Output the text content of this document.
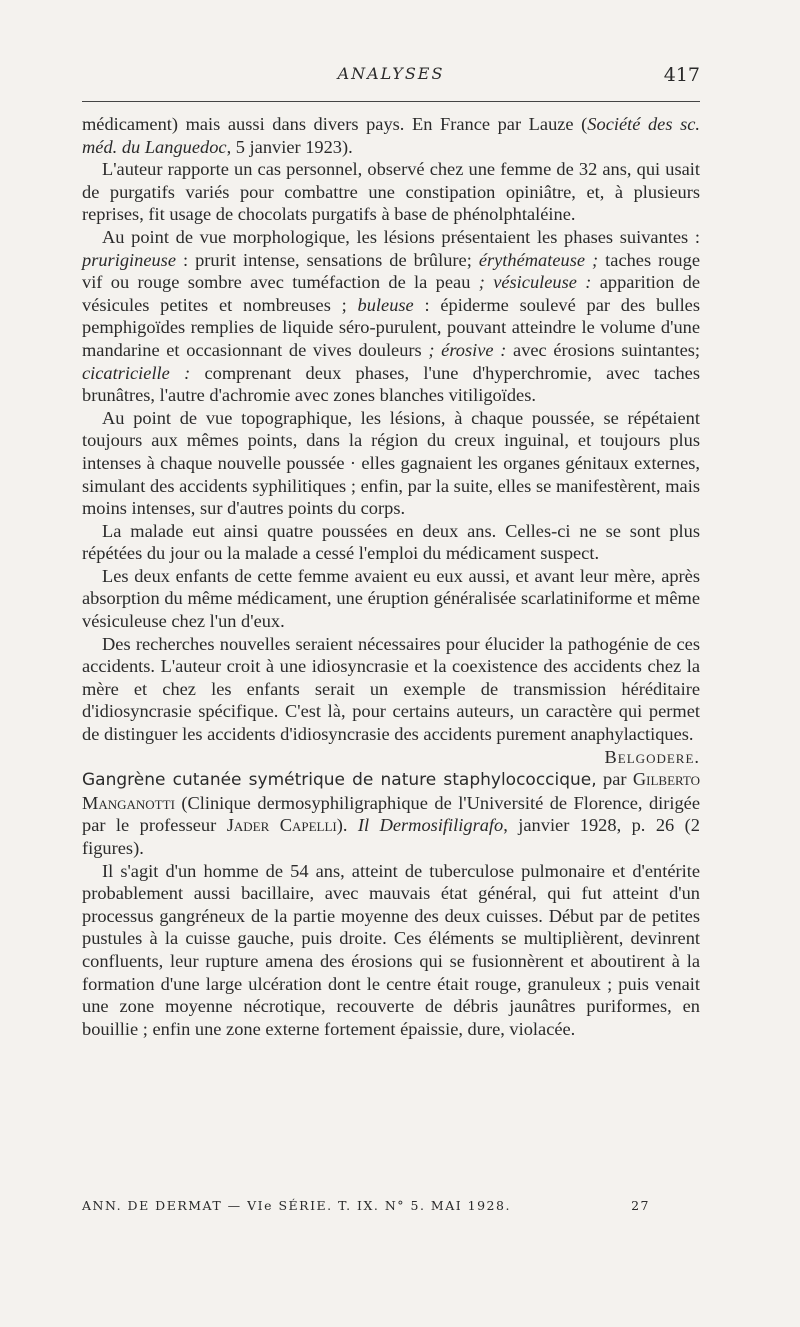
ANALYSES	417

médicament) mais aussi dans divers pays. En France par Lauze (Société des sc. méd. du Languedoc, 5 janvier 1923).

L'auteur rapporte un cas personnel, observé chez une femme de 32 ans, qui usait de purgatifs variés pour combattre une constipation opiniâtre, et, à plusieurs reprises, fit usage de chocolats purgatifs à base de phénolphtaléine.

Au point de vue morphologique, les lésions présentaient les phases suivantes : prurigineuse : prurit intense, sensations de brûlure; érythémateuse ; taches rouge vif ou rouge sombre avec tuméfaction de la peau ; vésiculeuse : apparition de vésicules petites et nombreuses ; buleuse : épiderme soulevé par des bulles pemphigoïdes remplies de liquide séro-purulent, pouvant atteindre le volume d'une mandarine et occasionnant de vives douleurs ; érosive : avec érosions suintantes; cicatricielle : comprenant deux phases, l'une d'hyperchromie, avec taches brunâtres, l'autre d'achromie avec zones blanches vitiligoïdes.

Au point de vue topographique, les lésions, à chaque poussée, se répétaient toujours aux mêmes points, dans la région du creux inguinal, et toujours plus intenses à chaque nouvelle poussée · elles gagnaient les organes génitaux externes, simulant des accidents syphilitiques ; enfin, par la suite, elles se manifestèrent, mais moins intenses, sur d'autres points du corps.

La malade eut ainsi quatre poussées en deux ans. Celles-ci ne se sont plus répétées du jour ou la malade a cessé l'emploi du médicament suspect.

Les deux enfants de cette femme avaient eu eux aussi, et avant leur mère, après absorption du même médicament, une éruption généralisée scarlatiniforme et même vésiculeuse chez l'un d'eux.

Des recherches nouvelles seraient nécessaires pour élucider la pathogénie de ces accidents. L'auteur croit à une idiosyncrasie et la coexistence des accidents chez la mère et chez les enfants serait un exemple de transmission héréditaire d'idiosyncrasie spécifique. C'est là, pour certains auteurs, un caractère qui permet de distinguer les accidents d'idiosyncrasie des accidents purement anaphylactiques.

Belgodere.

Gangrène cutanée symétrique de nature staphylococcique, par Gilberto Manganotti (Clinique dermosyphiligraphique de l'Université de Florence, dirigée par le professeur Jader Capelli). Il Dermosifiligrafo, janvier 1928, p. 26 (2 figures).

Il s'agit d'un homme de 54 ans, atteint de tuberculose pulmonaire et d'entérite probablement aussi bacillaire, avec mauvais état général, qui fut atteint d'un processus gangréneux de la partie moyenne des deux cuisses. Début par de petites pustules à la cuisse gauche, puis droite. Ces éléments se multiplièrent, devinrent confluents, leur rupture amena des érosions qui se fusionnèrent et aboutirent à la formation d'une large ulcération dont le centre était rouge, granuleux ; puis venait une zone moyenne nécrotique, recouverte de débris jaunâtres puriformes, en bouillie ; enfin une zone externe fortement épaissie, dure, violacée.

ANN. DE DERMAT — VIe SÉRIE. T. IX. N° 5. MAI 1928.	27
